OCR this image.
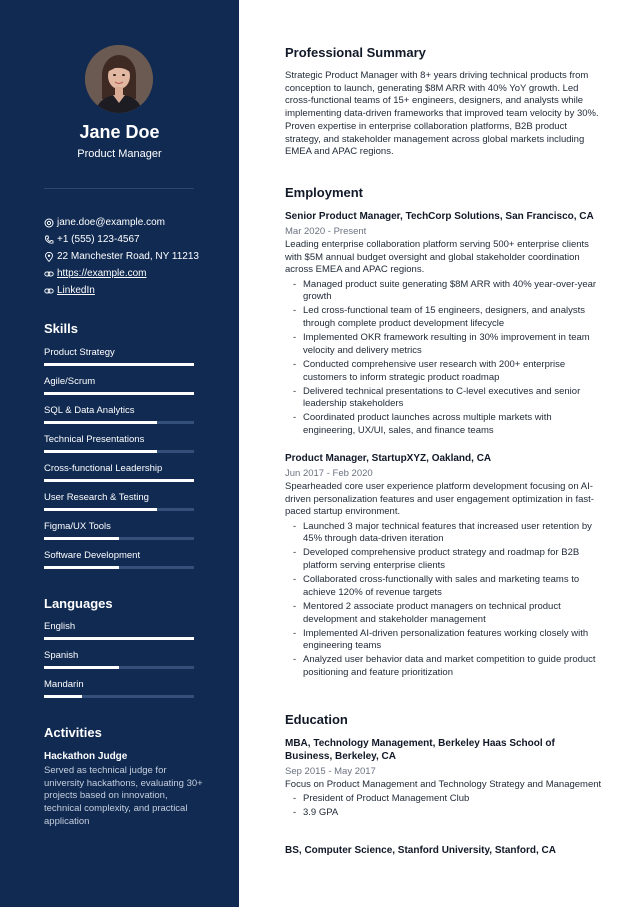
Jane Doe
Product Manager
jane.doe@example.com
+1 (555) 123-4567
22 Manchester Road, NY 11213
https://example.com
LinkedIn
Skills
Product Strategy
Agile/Scrum
SQL & Data Analytics
Technical Presentations
Cross-functional Leadership
User Research & Testing
Figma/UX Tools
Software Development
Languages
English
Spanish
Mandarin
Activities
Hackathon Judge
Served as technical judge for university hackathons, evaluating 30+ projects based on innovation, technical complexity, and practical application
Professional Summary
Strategic Product Manager with 8+ years driving technical products from conception to launch, generating $8M ARR with 40% YoY growth. Led cross-functional teams of 15+ engineers, designers, and analysts while implementing data-driven frameworks that improved team velocity by 30%. Proven expertise in enterprise collaboration platforms, B2B product strategy, and stakeholder management across global markets including EMEA and APAC regions.
Employment
Senior Product Manager, TechCorp Solutions, San Francisco, CA
Mar 2020 - Present
Leading enterprise collaboration platform serving 500+ enterprise clients with $5M annual budget oversight and global stakeholder coordination across EMEA and APAC regions.
- Managed product suite generating $8M ARR with 40% year-over-year growth
- Led cross-functional team of 15 engineers, designers, and analysts through complete product development lifecycle
- Implemented OKR framework resulting in 30% improvement in team velocity and delivery metrics
- Conducted comprehensive user research with 200+ enterprise customers to inform strategic product roadmap
- Delivered technical presentations to C-level executives and senior leadership stakeholders
- Coordinated product launches across multiple markets with engineering, UX/UI, sales, and finance teams
Product Manager, StartupXYZ, Oakland, CA
Jun 2017 - Feb 2020
Spearheaded core user experience platform development focusing on AI-driven personalization features and user engagement optimization in fast-paced startup environment.
- Launched 3 major technical features that increased user retention by 45% through data-driven iteration
- Developed comprehensive product strategy and roadmap for B2B platform serving enterprise clients
- Collaborated cross-functionally with sales and marketing teams to achieve 120% of revenue targets
- Mentored 2 associate product managers on technical product development and stakeholder management
- Implemented AI-driven personalization features working closely with engineering teams
- Analyzed user behavior data and market competition to guide product positioning and feature prioritization
Education
MBA, Technology Management, Berkeley Haas School of Business, Berkeley, CA
Sep 2015 - May 2017
Focus on Product Management and Technology Strategy and Management
- President of Product Management Club
- 3.9 GPA
BS, Computer Science, Stanford University, Stanford, CA
